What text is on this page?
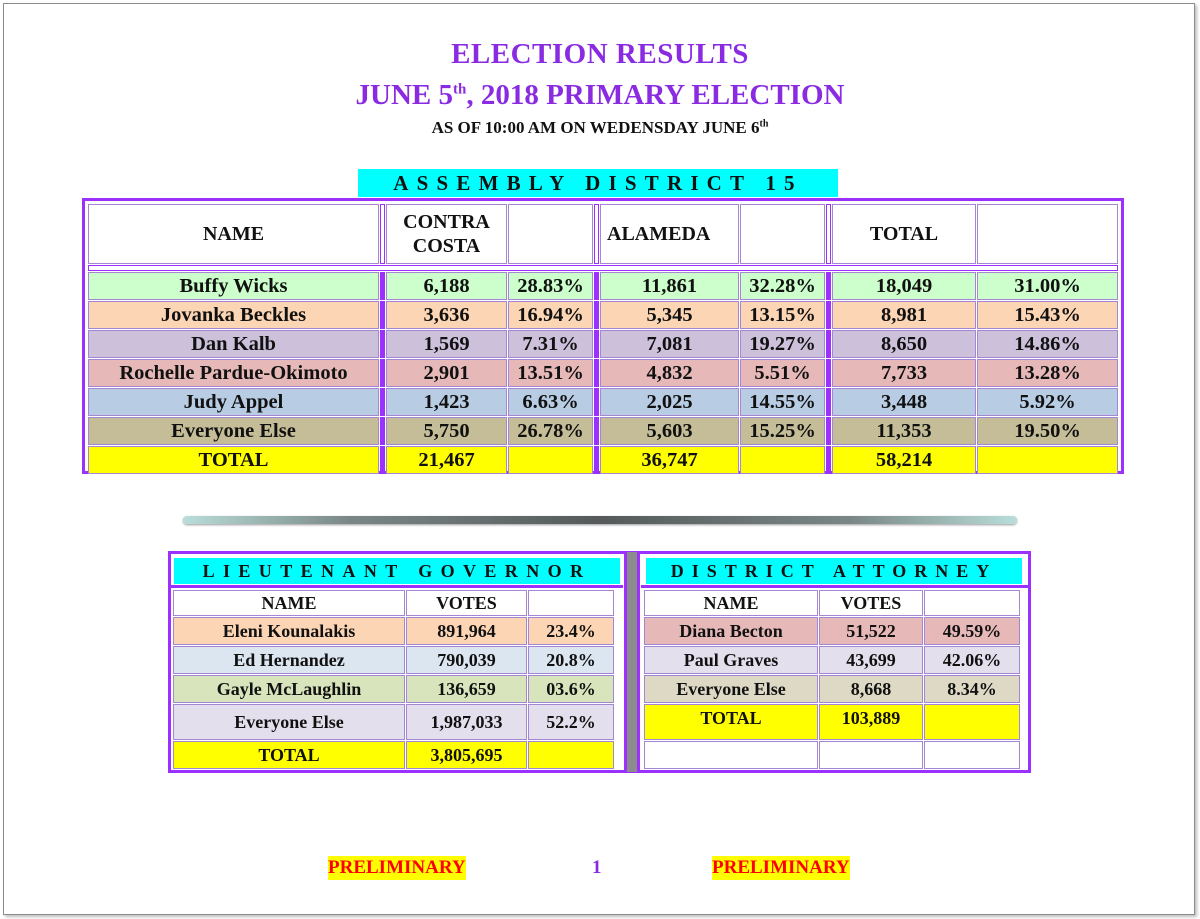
ELECTION RESULTS
JUNE 5th, 2018 PRIMARY ELECTION
AS OF 10:00 AM ON WEDENSDAY JUNE 6th
ASSEMBLY DISTRICT 15
NAME		CONTRA
COSTA			ALAMEDA			TOTAL	

Buffy Wicks		6,188	28.83%		11,861	32.28%		18,049	31.00%
Jovanka Beckles		3,636	16.94%		5,345	13.15%		8,981	15.43%
Dan Kalb		1,569	7.31%		7,081	19.27%		8,650	14.86%
Rochelle Pardue-Okimoto		2,901	13.51%		4,832	5.51%		7,733	13.28%
Judy Appel		1,423	6.63%		2,025	14.55%		3,448	5.92%
Everyone Else		5,750	26.78%		5,603	15.25%		11,353	19.50%
TOTAL		21,467			36,747			58,214	
LIEUTENANT GOVERNOR	DISTRICT ATTORNEY
NAME	VOTES	
Eleni Kounalakis	891,964	23.4%
Ed Hernandez	790,039	20.8%
Gayle McLaughlin	136,659	03.6%
Everyone Else	1,987,033	52.2%
TOTAL	3,805,695	
NAME	VOTES	
Diana Becton	51,522	49.59%
Paul Graves	43,699	42.06%
Everyone Else	8,668	8.34%
TOTAL	103,889	

PRELIMINARY	1	PRELIMINARY
